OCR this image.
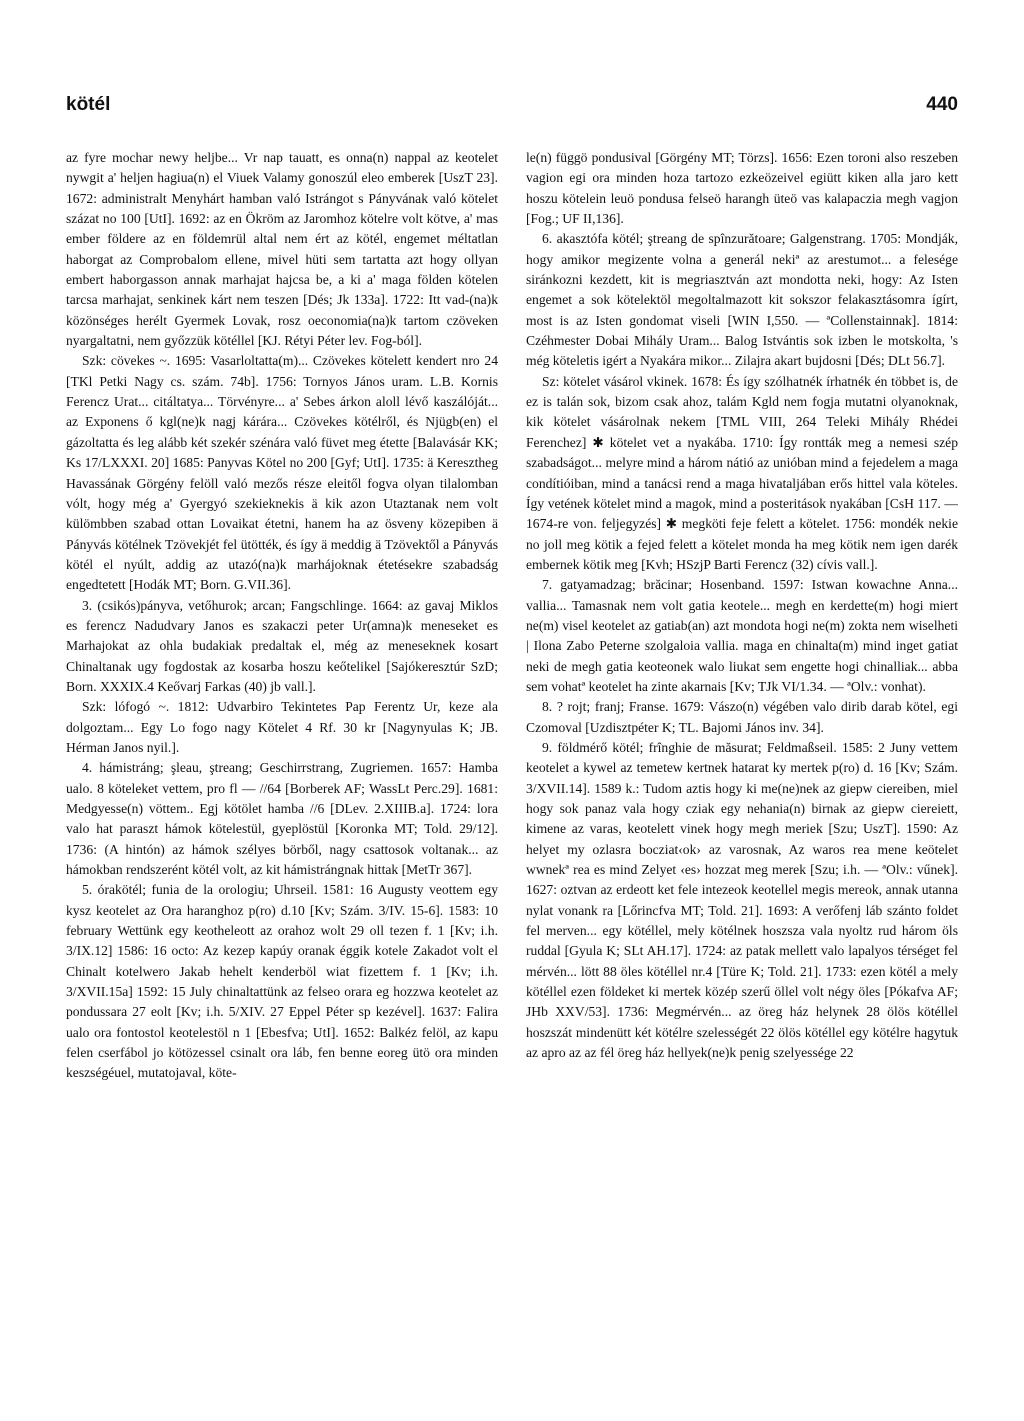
kötél	440

az fyre mochar newy heljbe... Vr nap tauatt, es onna(n) nappal az keotelet nywgit a' heljen hagiua(n) el Viuek Valamy gonoszúl eleo emberek [UszT 23]. 1672: administralt Menyhárt hamban való Istrángot s Pányvának való kötelet százat no 100 [UtI]. 1692: az en Ökröm az Jaromhoz kötelre volt kötve, a' mas ember földere az en földemrül altal nem ért az kötél, engemet méltatlan haborgat az Comprobalom ellene, mivel hüti sem tartatta azt hogy ollyan embert haborgasson annak marhajat hajcsa be, a ki a' maga földen kötelen tarcsa marhajat, senkinek kárt nem teszen [Dés; Jk 133a]. 1722: Itt vad-(na)k közönséges herélt Gyermek Lovak, rosz oeconomia(na)k tartom czöveken nyargaltatni, nem győzzük kötéllel [KJ. Rétyi Péter lev. Fog-ból].

Szk: cövekes ~. 1695: Vasarloltatta(m)... Czövekes kötelett kendert nro 24 [TKl Petki Nagy cs. szám. 74b]. 1756: Tornyos János uram. L.B. Kornis Ferencz Urat... citáltatya... Törvényre... a' Sebes árkon aloll lévő kaszálóját... az Exponens ő kgl(ne)k nagj kárára... Czövekes kötélről, és Njügb(en) el gázoltatta és leg alább két szekér szénára való füvet meg étette [Balavásár KK; Ks 17/LXXXI. 20] 1685: Panyvas Kötel no 200 [Gyf; UtI]. 1735: ä Keresztheg Havassának Görgény felöll való mezős része eleitől fogva olyan tilalomban vólt, hogy még a' Gyergyó szekieknekis ä kik azon Utaztanak nem volt külömbben szabad ottan Lovaikat étetni, hanem ha az ösveny közepiben ä Pányvás kötélnek Tzövekjét fel ütötték, és így ä meddig ä Tzövektől a Pányvás kötél el nyúlt, addig az utazó(na)k marhájoknak étetésekre szabadság engedtetett [Hodák MT; Born. G.VII.36].

3. (csikós)pányva, vetőhurok; arcan; Fangschlinge. 1664: az gavaj Miklos es ferencz Nadudvary Janos es szakaczi peter Ur(amna)k meneseket es Marhajokat az ohla budakiak predaltak el, még az meneseknek kosart Chinaltanak ugy fogdostak az kosarba hoszu keőtelikel [Sajókeresztúr SzD; Born. XXXIX.4 Keővarj Farkas (40) jb vall.].

Szk: lófogó ~. 1812: Udvarbiro Tekintetes Pap Ferentz Ur, keze ala dolgoztam... Egy Lo fogo nagy Kötelet 4 Rf. 30 kr [Nagynyulas K; JB. Hérman Janos nyil.].

4. hámistráng; şleau, ştreang; Geschirrstrang, Zugriemen. 1657: Hamba ualo. 8 köteleket vettem, pro fl — //64 [Borberek AF; WassLt Perc.29]. 1681: Medgyesse(n) vöttem.. Egj kötölet hamba //6 [DLev. 2.XIIIB.a]. 1724: lora valo hat paraszt hámok kötelestül, gyeplöstül [Koronka MT; Told. 29/12]. 1736: (A hintón) az hámok szélyes börből, nagy csattosok voltanak... az hámokban rendszerént kötél volt, az kit hámistrángnak hittak [MetTr 367].

5. órakötél; funia de la orologiu; Uhrseil. 1581: 16 Augusty veottem egy kysz keotelet az Ora haranghoz p(ro) d.10 [Kv; Szám. 3/IV. 15-6]. 1583: 10 february Wettünk egy keotheleott az orahoz wolt 29 oll tezen f. 1 [Kv; i.h. 3/IX.12] 1586: 16 octo: Az kezep kapúy oranak éggik kotele Zakadot volt el Chinalt kotelwero Jakab hehelt kenderböl wiat fizettem f. 1 [Kv; i.h. 3/XVII.15a] 1592: 15 July chinaltattünk az felseo orara eg hozzwa keotelet az pondussara 27 eolt [Kv; i.h. 5/XIV. 27 Eppel Péter sp kezével]. 1637: Falira ualo ora fontostol keotelestöl n 1 [Ebesfva; UtI]. 1652: Balkéz felöl, az kapu felen cserfábol jo kötözessel csinalt ora láb, fen benne eoreg ütö ora minden keszségéuel, mutatojaval, köte-

le(n) függö pondusival [Görgény MT; Törzs]. 1656: Ezen toroni also reszeben vagion egi ora minden hoza tartozo ezkeözeivel egiütt kiken alla jaro kett hoszu kötelein leuö pondusa felseö harangh üteö vas kalapaczia megh vagjon [Fog.; UF II,136].

6. akasztófa kötél; ştreang de spînzurătoare; Galgenstrang. 1705: Mondják, hogy amikor megizente volna a generál nekiª az arestumot... a felesége siránkozni kezdett, kit is megriasztván azt mondotta neki, hogy: Az Isten engemet a sok kötelektöl megoltalmazott kit sokszor felakasztásomra ígírt, most is az Isten gondomat viseli [WIN I,550. — ªCollenstainnak]. 1814: Czéhmester Dobai Mihály Uram... Balog Istvántis sok izben le motskolta, 's még köteletis igért a Nyakára mikor... Zilajra akart bujdosni [Dés; DLt 56.7].

Sz: kötelet vásárol vkinek. 1678: És így szólhatnék írhatnék én többet is, de ez is talán sok, bizom csak ahoz, talám Kgld nem fogja mutatni olyanoknak, kik kötelet vásárolnak nekem [TML VIII, 264 Teleki Mihály Rhédei Ferenchez] ✱ kötelet vet a nyakába. 1710: Így rontták meg a nemesi szép szabadságot... melyre mind a három nátió az unióban mind a fejedelem a maga condítióiban, mind a tanácsi rend a maga hivataljában erős hittel vala köteles. Így vetének kötelet mind a magok, mind a posteritások nyakában [CsH 117. — 1674-re von. feljegyzés] ✱ megköti feje felett a kötelet. 1756: mondék nekie no joll meg kötik a fejed felett a kötelet monda ha meg kötik nem igen darék embernek kötik meg [Kvh; HSzjP Barti Ferencz (32) cívis vall.].

7. gatyamadzag; brăcinar; Hosenband. 1597: Istwan kowachne Anna... vallia... Tamasnak nem volt gatia keotele... megh en kerdette(m) hogi miert ne(m) visel keotelet az gatiab(an) azt mondota hogi ne(m) zokta nem wiselheti | Ilona Zabo Peterne szolgaloia vallia. maga en chinalta(m) mind inget gatiat neki de megh gatia keoteonek walo liukat sem engette hogi chinalliak... abba sem vohatª keotelet ha zinte akarnais [Kv; TJk VI/1.34. — ªOlv.: vonhat).

8. ? rojt; franj; Franse. 1679: Vászo(n) végében valo dirib darab kötel, egi Czomoval [Uzdisztpéter K; TL. Bajomi János inv. 34].

9. földmérő kötél; frînghie de măsurat; Feldmaßseil. 1585: 2 Juny vettem keotelet a kywel az temetew kertnek hatarat ky mertek p(ro) d. 16 [Kv; Szám. 3/XVII.14]. 1589 k.: Tudom aztis hogy ki me(ne)nek az giepw ciereiben, miel hogy sok panaz vala hogy cziak egy nehania(n) birnak az giepw ciereiett, kimene az varas, keotelett vinek hogy megh meriek [Szu; UszT]. 1590: Az helyet my ozlasra bocziat‹ok› az varosnak, Az waros rea mene keötelet wwnekª rea es mind Zelyet ‹es› hozzat meg merek [Szu; i.h. — ªOlv.: vűnek]. 1627: oztvan az erdeott ket fele intezeok keotellel megis mereok, annak utanna nylat vonank ra [Lőrincfva MT; Told. 21]. 1693: A verőfenj láb szánto foldet fel merven... egy kötéllel, mely kötélnek hoszsza vala nyoltz rud három öls ruddal [Gyula K; SLt AH.17]. 1724: az patak mellett valo lapalyos térséget fel mérvén... lött 88 öles kötéllel nr.4 [Türe K; Told. 21]. 1733: ezen kötél a mely kötéllel ezen földeket ki mertek közép szerű öllel volt négy öles [Pókafva AF; JHb XXV/53]. 1736: Megmérvén... az öreg ház helynek 28 ölös kötéllel hoszszát mindenütt két kötélre szelességét 22 ölös kötéllel egy kötélre hagytuk az apro az az fél öreg ház hellyek(ne)k penig szelyessége 22
